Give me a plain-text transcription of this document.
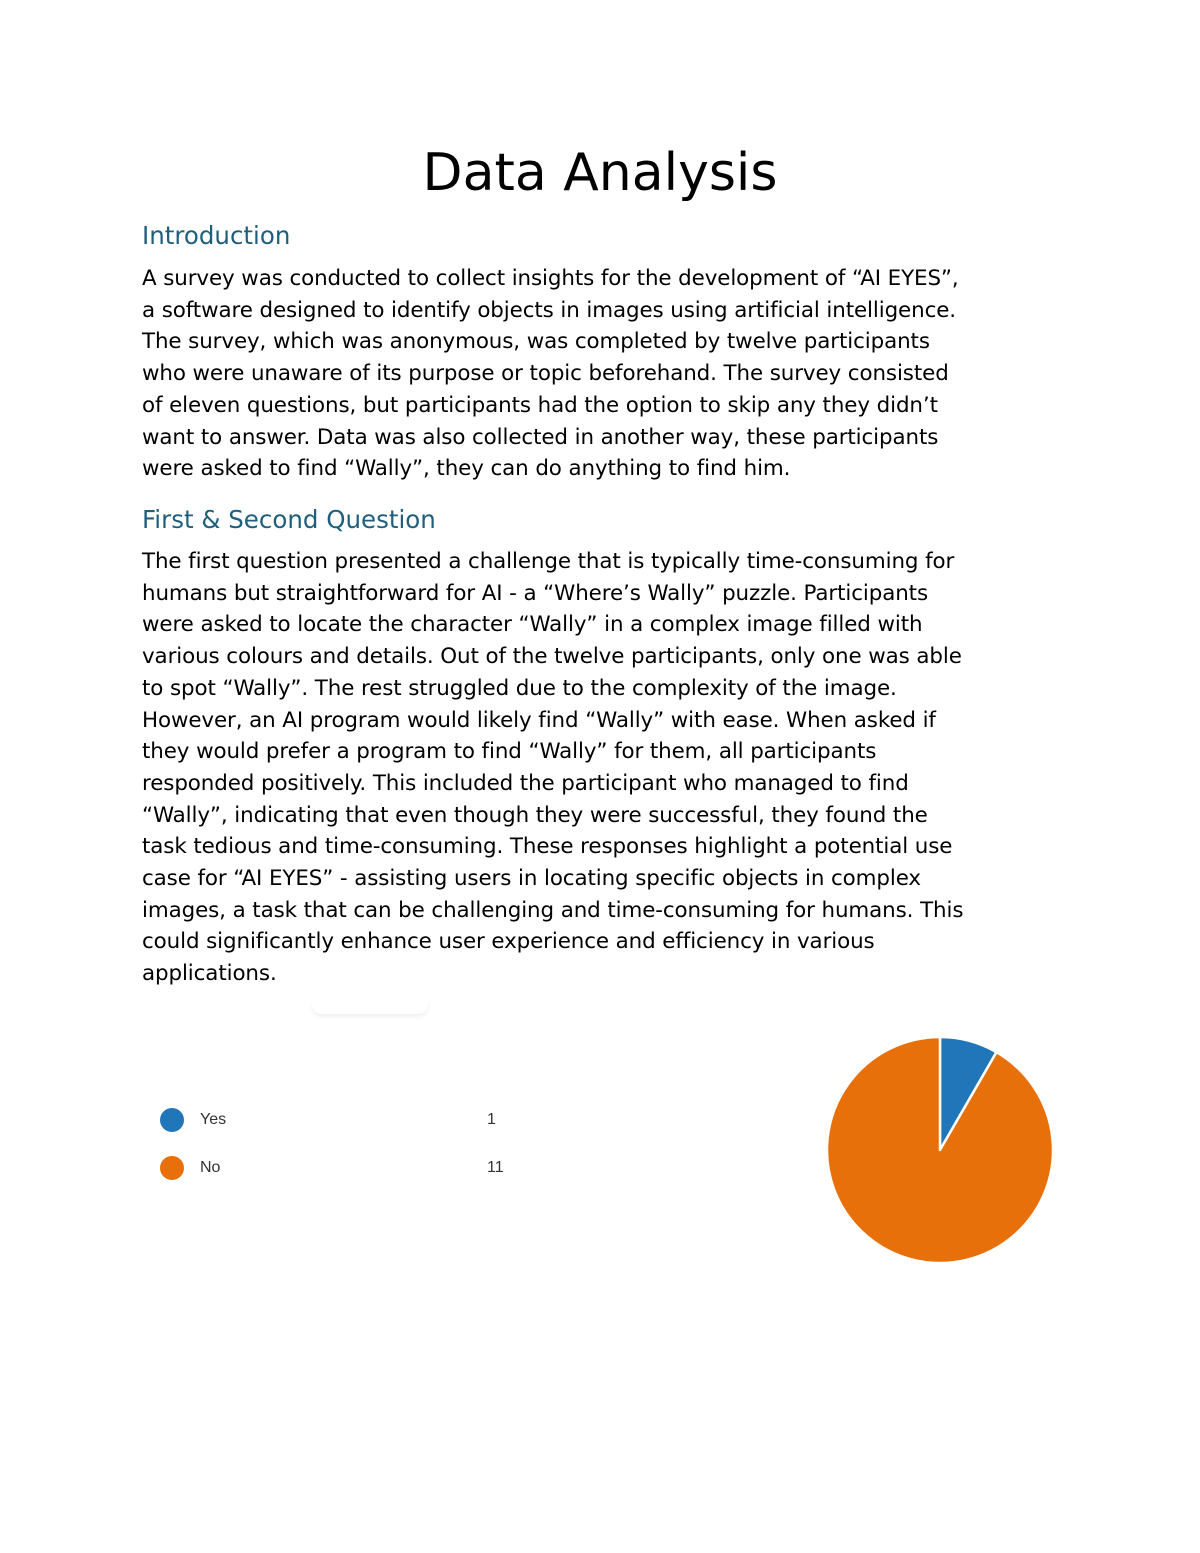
Data Analysis
Introduction

A survey was conducted to collect insights for the development of “AI EYES”,
a software designed to identify objects in images using artificial intelligence.
The survey, which was anonymous, was completed by twelve participants
who were unaware of its purpose or topic beforehand. The survey consisted
of eleven questions, but participants had the option to skip any they didn’t
want to answer. Data was also collected in another way, these participants
were asked to find “Wally”, they can do anything to find him.

First & Second Question

The first question presented a challenge that is typically time-consuming for
humans but straightforward for AI - a “Where’s Wally” puzzle. Participants
were asked to locate the character “Wally” in a complex image filled with
various colours and details. Out of the twelve participants, only one was able
to spot “Wally”. The rest struggled due to the complexity of the image.
However, an AI program would likely find “Wally” with ease. When asked if
they would prefer a program to find “Wally” for them, all participants
responded positively. This included the participant who managed to find
“Wally”, indicating that even though they were successful, they found the
task tedious and time-consuming. These responses highlight a potential use
case for “AI EYES” - assisting users in locating specific objects in complex
images, a task that can be challenging and time-consuming for humans. This
could significantly enhance user experience and efficiency in various
applications.

Yes	1
No	11
